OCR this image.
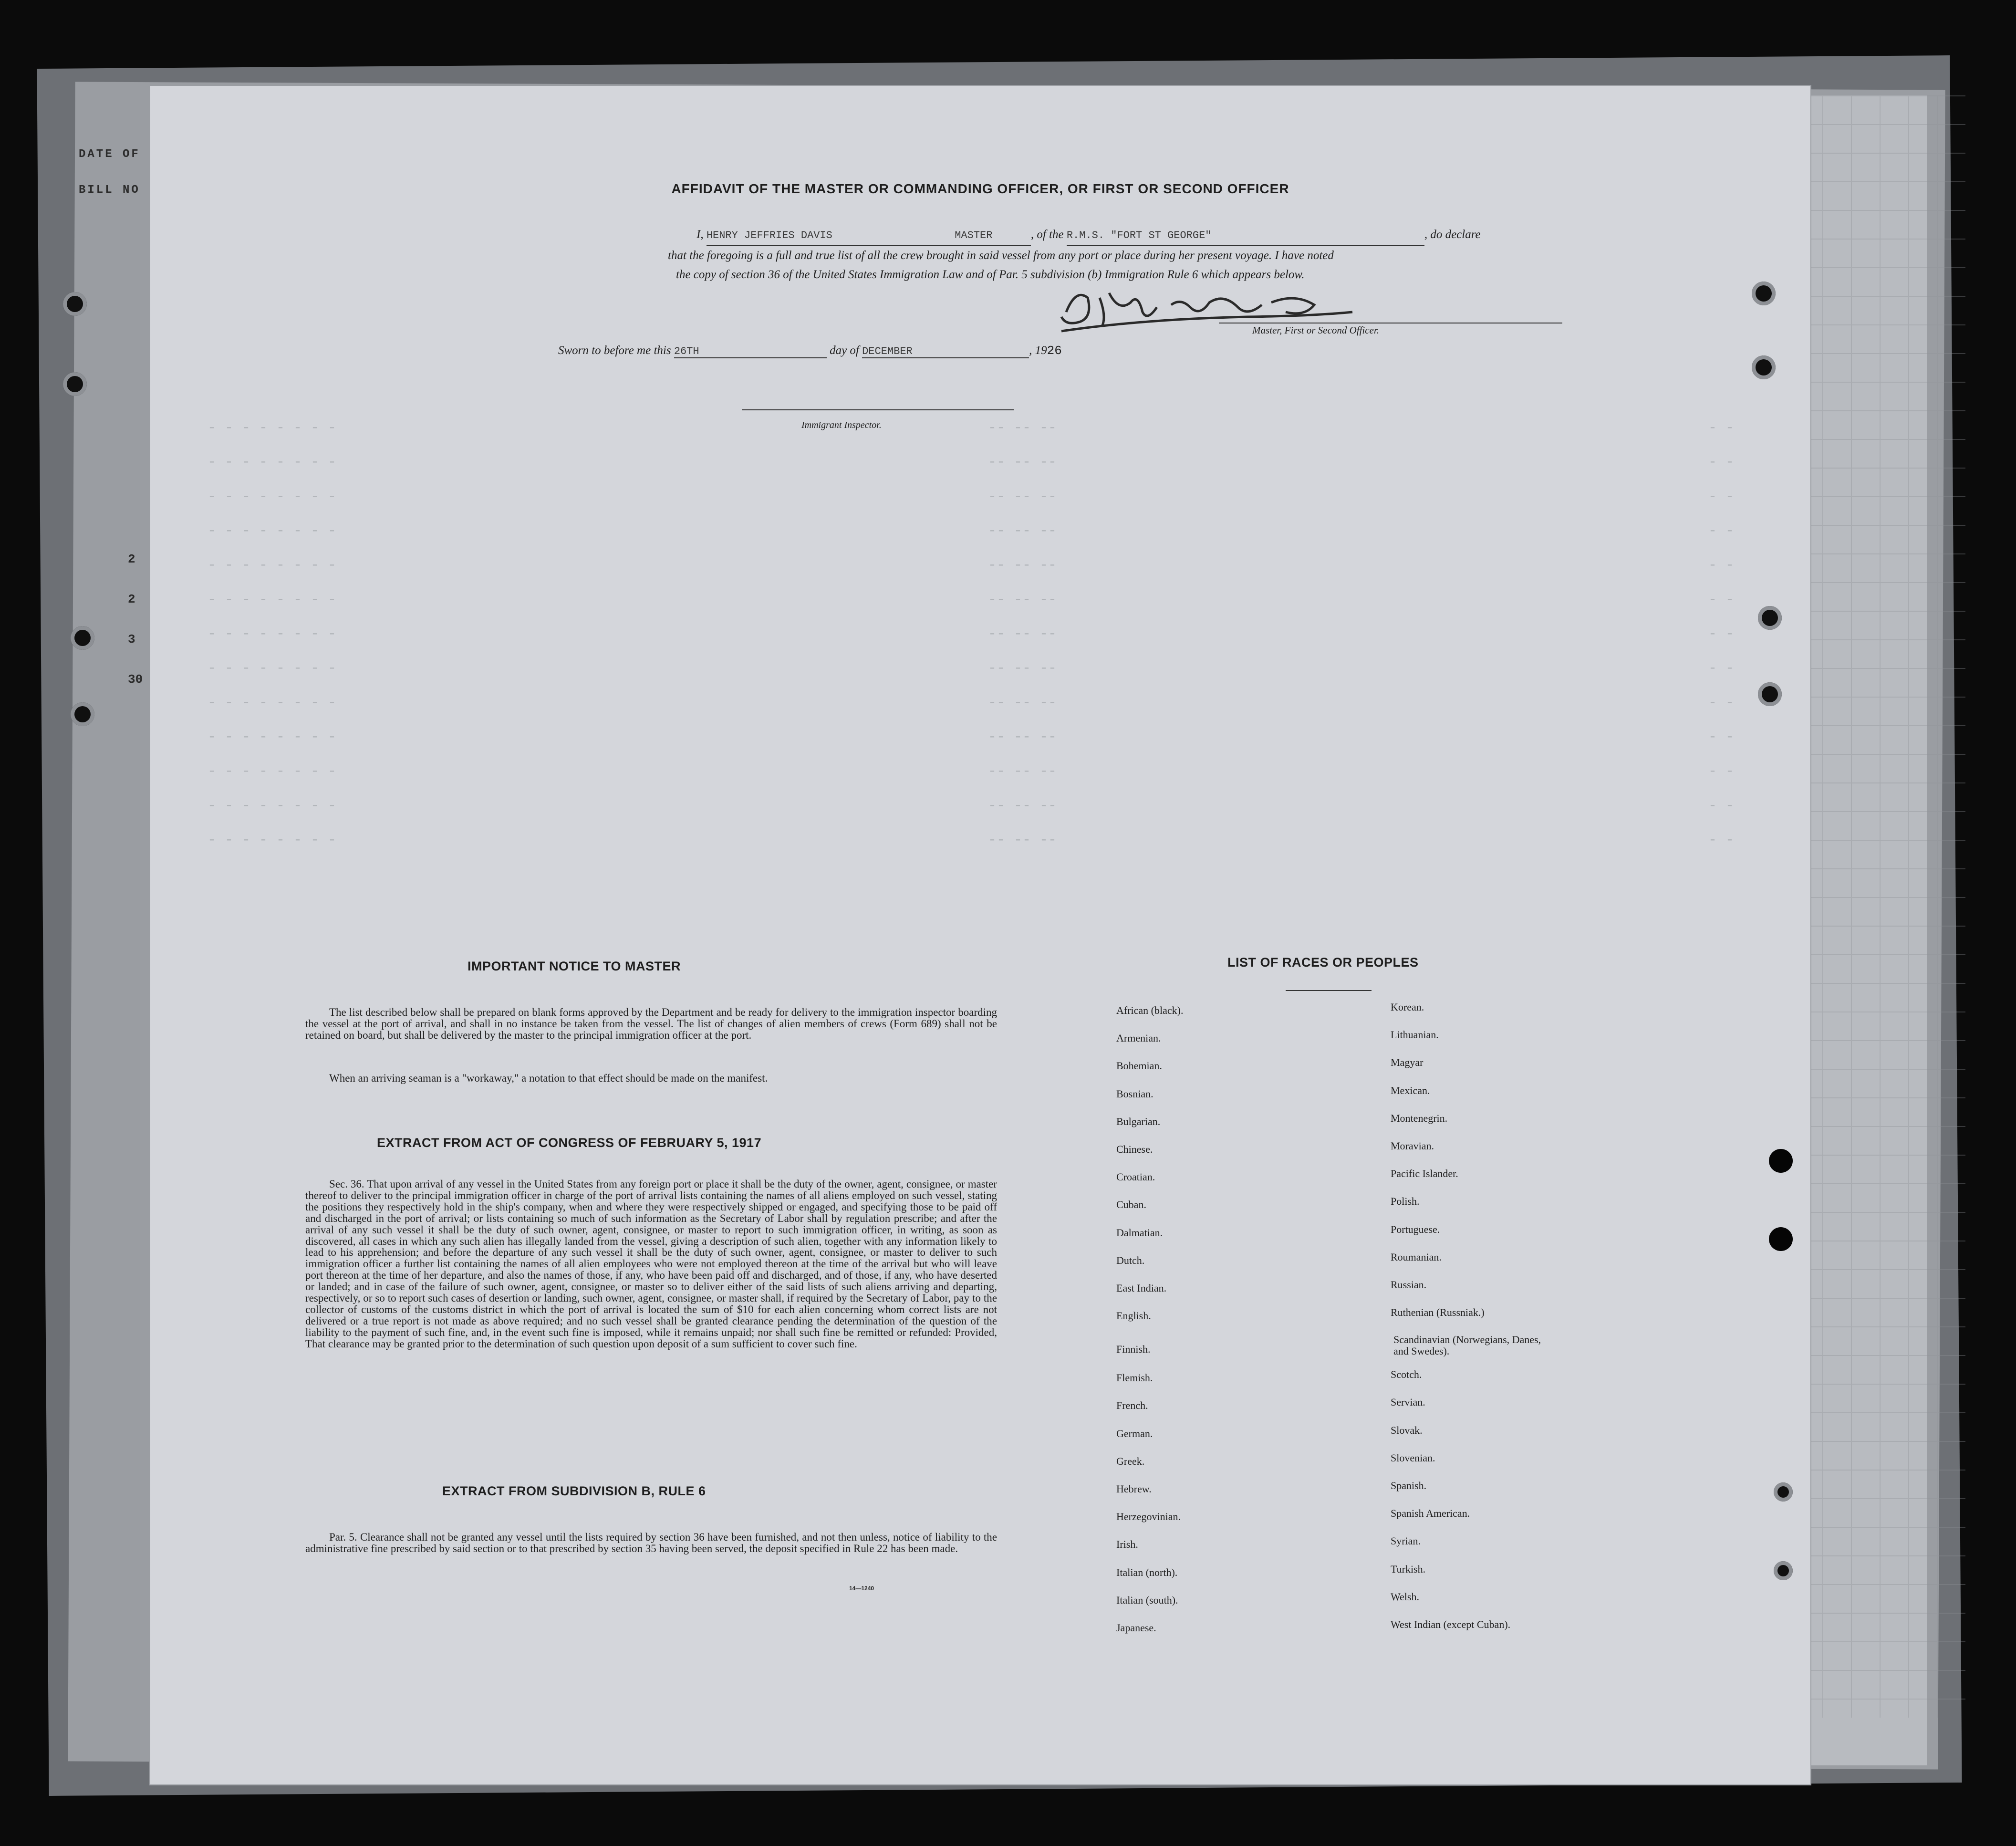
DATE OF
BILL NO
2
2
3
30
- - - - - - - -	-- -- --	- -
- - - - - - - -	-- -- --	- -
- - - - - - - -	-- -- --	- -
- - - - - - - -	-- -- --	- -
- - - - - - - -	-- -- --	- -
- - - - - - - -	-- -- --	- -
- - - - - - - -	-- -- --	- -
- - - - - - - -	-- -- --	- -
- - - - - - - -	-- -- --	- -
- - - - - - - -	-- -- --	- -
- - - - - - - -	-- -- --	- -
- - - - - - - -	-- -- --	- -
- - - - - - - -	-- -- --	- -
AFFIDAVIT OF THE MASTER OR COMMANDING OFFICER, OR FIRST OR SECOND OFFICER
I, HENRY JEFFRIES DAVIS	MASTER	, of the R.M.S. "FORT ST GEORGE"	, do declare
that the foregoing is a full and true list of all the crew brought in said vessel from any port or place during her present voyage. I have noted
the copy of section 36 of the United States Immigration Law and of Par. 5 subdivision (b) Immigration Rule 6 which appears below.
Master, First or Second Officer.
Sworn to before me this 26TH	day of DECEMBER	, 1926
Immigrant Inspector.
IMPORTANT NOTICE TO MASTER
The list described below shall be prepared on blank forms approved by the Department and be ready for delivery to the immigration inspector boarding the vessel at the port of arrival, and shall in no instance be taken from the vessel. The list of changes of alien members of crews (Form 689) shall not be retained on board, but shall be delivered by the master to the principal immigration officer at the port.
When an arriving seaman is a "workaway," a notation to that effect should be made on the manifest.
EXTRACT FROM ACT OF CONGRESS OF FEBRUARY 5, 1917
Sec. 36. That upon arrival of any vessel in the United States from any foreign port or place it shall be the duty of the owner, agent, consignee, or master thereof to deliver to the principal immigration officer in charge of the port of arrival lists containing the names of all aliens employed on such vessel, stating the positions they respectively hold in the ship's company, when and where they were respectively shipped or engaged, and specifying those to be paid off and discharged in the port of arrival; or lists containing so much of such information as the Secretary of Labor shall by regulation prescribe; and after the arrival of any such vessel it shall be the duty of such owner, agent, consignee, or master to report to such immigration officer, in writing, as soon as discovered, all cases in which any such alien has illegally landed from the vessel, giving a description of such alien, together with any information likely to lead to his apprehension; and before the departure of any such vessel it shall be the duty of such owner, agent, consignee, or master to deliver to such immigration officer a further list containing the names of all alien employees who were not employed thereon at the time of the arrival but who will leave port thereon at the time of her departure, and also the names of those, if any, who have been paid off and discharged, and of those, if any, who have deserted or landed; and in case of the failure of such owner, agent, consignee, or master so to deliver either of the said lists of such aliens arriving and departing, respectively, or so to report such cases of desertion or landing, such owner, agent, consignee, or master shall, if required by the Secretary of Labor, pay to the collector of customs of the customs district in which the port of arrival is located the sum of $10 for each alien concerning whom correct lists are not delivered or a true report is not made as above required; and no such vessel shall be granted clearance pending the determination of the question of the liability to the payment of such fine, and, in the event such fine is imposed, while it remains unpaid; nor shall such fine be remitted or refunded: Provided, That clearance may be granted prior to the determination of such question upon deposit of a sum sufficient to cover such fine.
EXTRACT FROM SUBDIVISION B, RULE 6
Par. 5. Clearance shall not be granted any vessel until the lists required by section 36 have been furnished, and not then unless, notice of liability to the administrative fine prescribed by said section or to that prescribed by section 35 having been served, the deposit specified in Rule 22 has been made.
14—1240
LIST OF RACES OR PEOPLES
African (black).
Armenian.
Bohemian.
Bosnian.
Bulgarian.
Chinese.
Croatian.
Cuban.
Dalmatian.
Dutch.
East Indian.
English.
Finnish.
Flemish.
French.
German.
Greek.
Hebrew.
Herzegovinian.
Irish.
Italian (north).
Italian (south).
Japanese.
Korean.
Lithuanian.
Magyar
Mexican.
Montenegrin.
Moravian.
Pacific Islander.
Polish.
Portuguese.
Roumanian.
Russian.
Ruthenian (Russniak.)
Scandinavian (Norwegians, Danes, and Swedes).
Scotch.
Servian.
Slovak.
Slovenian.
Spanish.
Spanish American.
Syrian.
Turkish.
Welsh.
West Indian (except Cuban).
